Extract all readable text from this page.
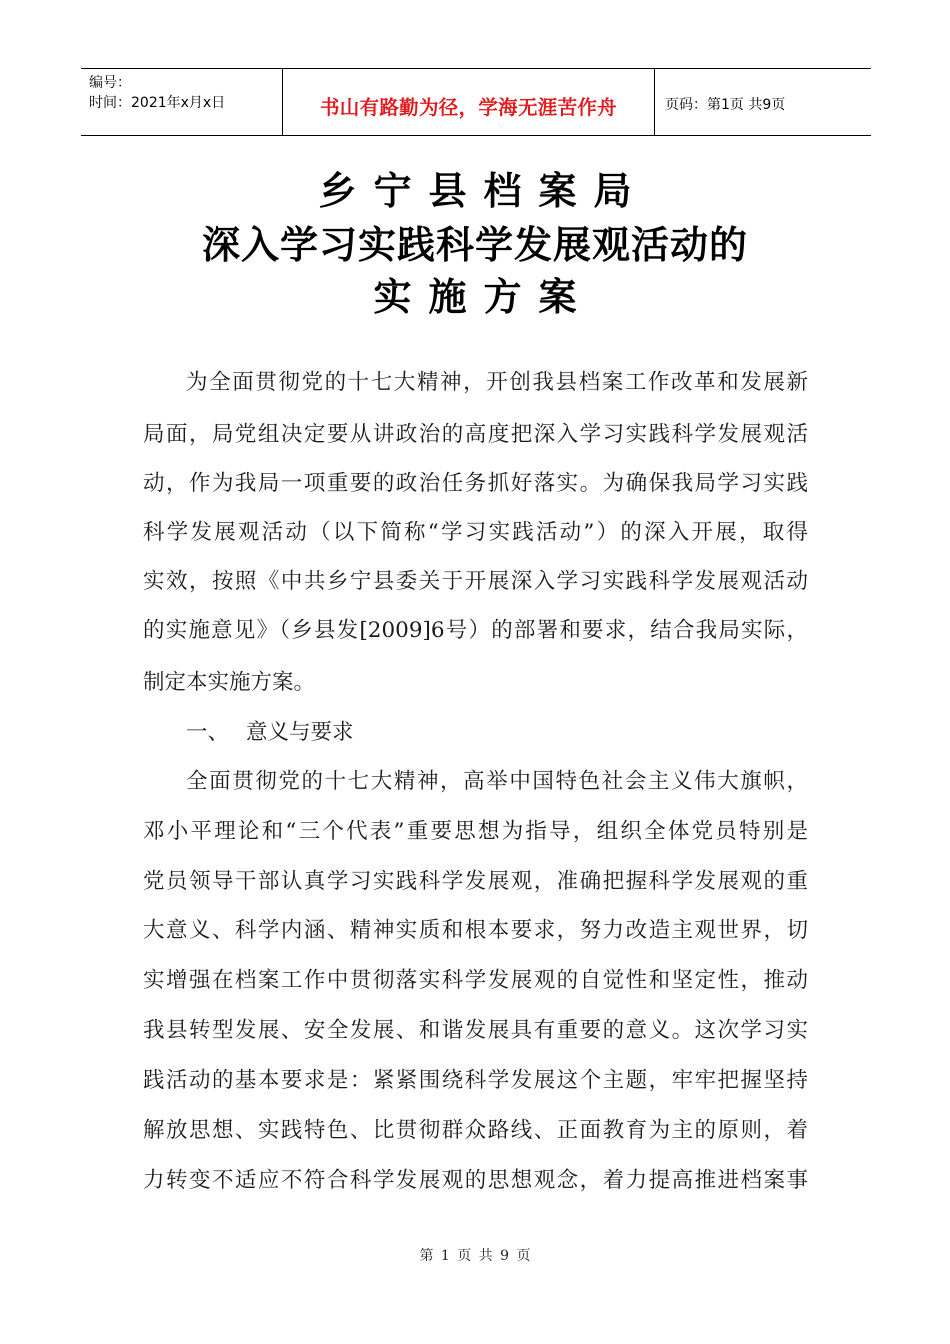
编号：
时间：2021年x月x日	书山有路勤为径，学海无涯苦作舟	页码：第1页 共9页
乡宁县档案局
深入学习实践科学发展观活动的
实施方案
为全面贯彻党的十七大精神，开创我县档案工作改革和发展新
局面，局党组决定要从讲政治的高度把深入学习实践科学发展观活
动，作为我局一项重要的政治任务抓好落实。为确保我局学习实践
科学发展观活动（以下简称“学习实践活动”）的深入开展，取得
实效，按照《中共乡宁县委关于开展深入学习实践科学发展观活动
的实施意见》（乡县发[2009]6号）的部署和要求，结合我局实际，
制定本实施方案。
一、 意义与要求
全面贯彻党的十七大精神，高举中国特色社会主义伟大旗帜，
邓小平理论和“三个代表”重要思想为指导，组织全体党员特别是
党员领导干部认真学习实践科学发展观，准确把握科学发展观的重
大意义、科学内涵、精神实质和根本要求，努力改造主观世界，切
实增强在档案工作中贯彻落实科学发展观的自觉性和坚定性，推动
我县转型发展、安全发展、和谐发展具有重要的意义。这次学习实
践活动的基本要求是：紧紧围绕科学发展这个主题，牢牢把握坚持
解放思想、实践特色、比贯彻群众路线、正面教育为主的原则，着
力转变不适应不符合科学发展观的思想观念，着力提高推进档案事
第 1 页 共 9 页
